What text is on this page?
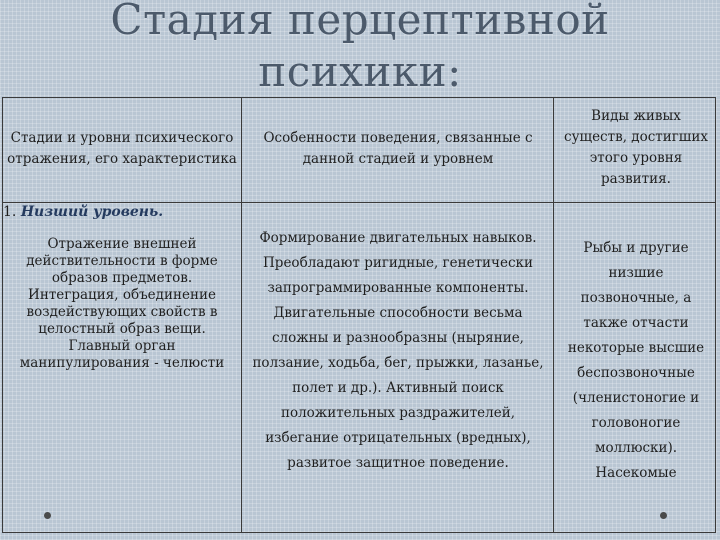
Стадия перцептивной
психики:
Стадии и уровни психического
отражения, его характеристика
Особенности поведения, связанные с
данной стадией и уровнем
Виды живых
существ, достигших
этого уровня
развития.
1. Низший уровень.
Отражение внешней
действительности в форме
образов предметов.
Интеграция, объединение
воздействующих свойств в
целостный образ вещи.
Главный орган
манипулирования - челюсти
Формирование двигательных навыков.
Преобладают ригидные, генетически
запрограммированные компоненты.
Двигательные способности весьма
сложны и разнообразны (ныряние,
ползание, ходьба, бег, прыжки, лазанье,
полет и др.). Активный поиск
положительных раздражителей,
избегание отрицательных (вредных),
развитое защитное поведение.
Рыбы и другие
низшие
позвоночные, а
также отчасти
некоторые высшие
беспозвоночные
(членистоногие и
головоногие
моллюски).
Насекомые
